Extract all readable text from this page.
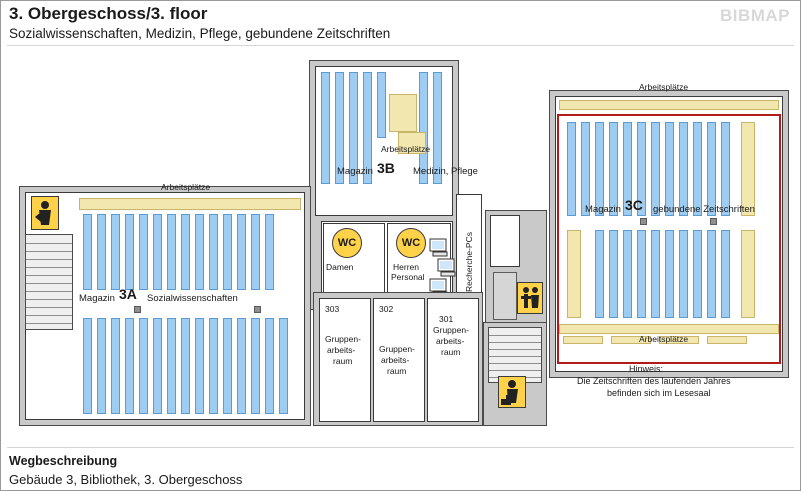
3. Obergeschoss/3. floor
Sozialwissenschaften, Medizin, Pflege, gebundene Zeitschriften
BIBMAP
Arbeitsplätze
Magazin 3B Medizin, Pflege
WC
Damen
WC
Herren
Personal	Recherche-PCs
Arbeitsplätze
Magazin 3A Sozialwissenschaften
303
Gruppen-
arbeits-
raum
302
Gruppen-
arbeits-
raum
301
Gruppen-
arbeits-
raum
Arbeitsplätze
Magazin 3C gebundene Zeitschriften
Arbeitsplätze
Hinweis:
Die Zeitschriften des laufenden Jahres
befinden sich im Lesesaal
Wegbeschreibung
Gebäude 3, Bibliothek, 3. Obergeschoss
